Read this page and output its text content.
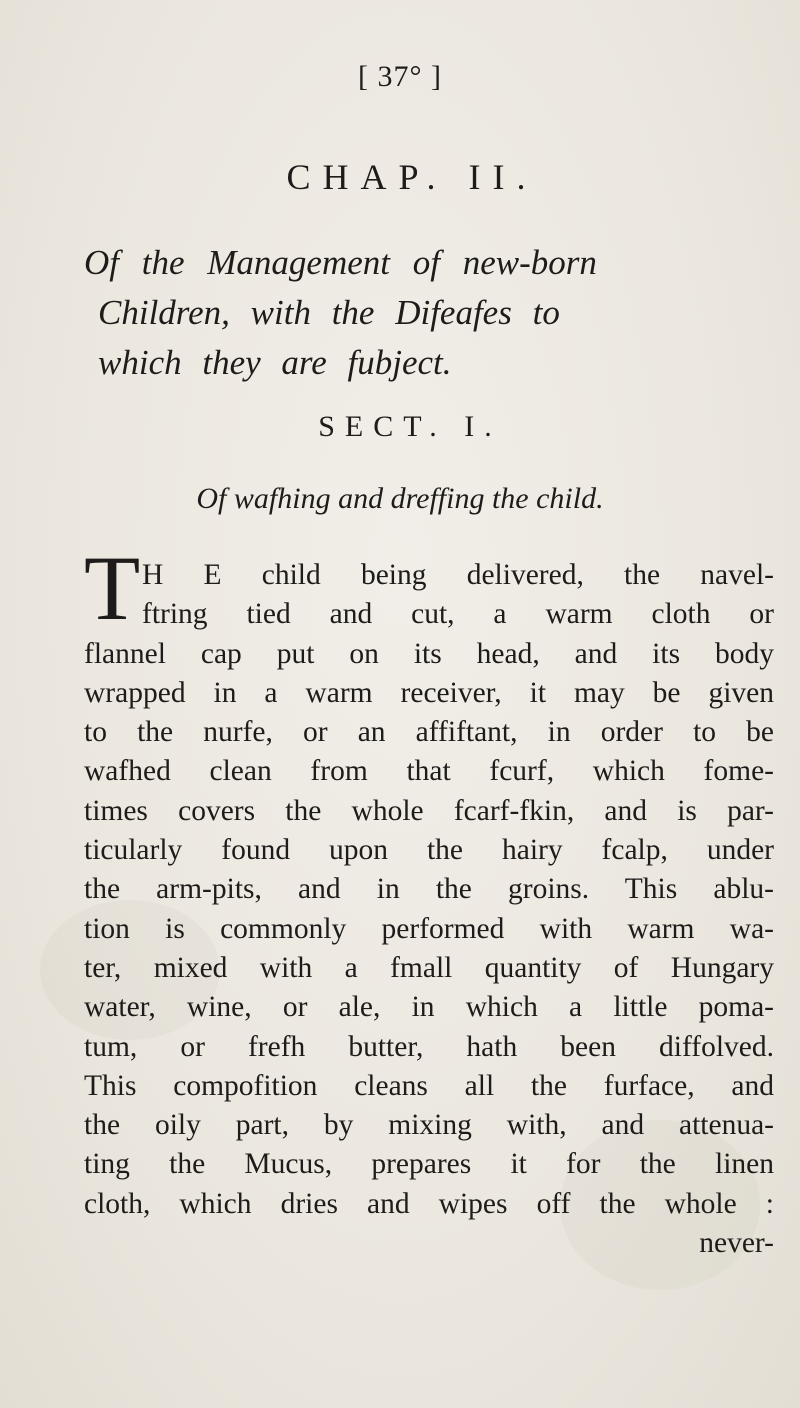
[ 37° ]
CHAP. II.
Of the Management of new-born
Children, with the Difeafes to
which they are fubject.
SECT. I.
Of wafhing and dreffing the child.
T H E child being delivered, the navel-
ftring tied and cut, a warm cloth or
flannel cap put on its head, and its body
wrapped in a warm receiver, it may be given
to the nurfe, or an affiftant, in order to be
wafhed clean from that fcurf, which fome-
times covers the whole fcarf-fkin, and is par-
ticularly found upon the hairy fcalp, under
the arm-pits, and in the groins. This ablu-
tion is commonly performed with warm wa-
ter, mixed with a fmall quantity of Hungary
water, wine, or ale, in which a little poma-
tum, or frefh butter, hath been diffolved.
This compofition cleans all the furface, and
the oily part, by mixing with, and attenua-
ting the Mucus, prepares it for the linen
cloth, which dries and wipes off the whole :
never-
